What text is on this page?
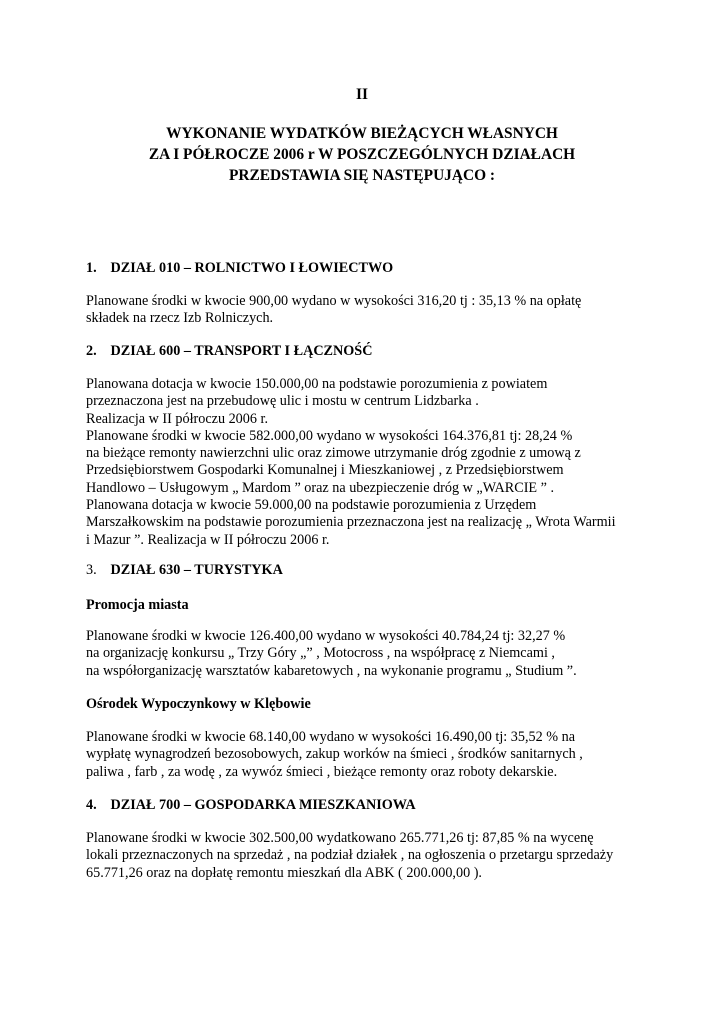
II
WYKONANIE WYDATKÓW BIEŻĄCYCH WŁASNYCH
ZA I PÓŁROCZE 2006 r W POSZCZEGÓLNYCH DZIAŁACH
PRZEDSTAWIA SIĘ NASTĘPUJĄCO :
1. DZIAŁ 010 – ROLNICTWO I ŁOWIECTWO
Planowane środki w kwocie 900,00 wydano w wysokości 316,20 tj : 35,13 % na opłatę
składek na rzecz Izb Rolniczych.
2. DZIAŁ 600 – TRANSPORT I ŁĄCZNOŚĆ
Planowana dotacja w kwocie 150.000,00 na podstawie porozumienia z powiatem
przeznaczona jest na przebudowę ulic i mostu w centrum Lidzbarka .
Realizacja w II półroczu 2006 r.
Planowane środki w kwocie 582.000,00 wydano w wysokości 164.376,81 tj: 28,24 %
na bieżące remonty nawierzchni ulic oraz zimowe utrzymanie dróg zgodnie z umową z
Przedsiębiorstwem Gospodarki Komunalnej i Mieszkaniowej , z Przedsiębiorstwem
Handlowo – Usługowym „ Mardom ” oraz na ubezpieczenie dróg w „WARCIE ” .
Planowana dotacja w kwocie 59.000,00 na podstawie porozumienia z Urzędem
Marszałkowskim na podstawie porozumienia przeznaczona jest na realizację „ Wrota Warmii
i Mazur ”. Realizacja w II półroczu 2006 r.
3. DZIAŁ 630 – TURYSTYKA
Promocja miasta
Planowane środki w kwocie 126.400,00 wydano w wysokości 40.784,24 tj: 32,27 %
na organizację konkursu „ Trzy Góry „” , Motocross , na współpracę z Niemcami ,
na współorganizację warsztatów kabaretowych , na wykonanie programu „ Studium ”.
Ośrodek Wypoczynkowy w Klębowie
Planowane środki w kwocie 68.140,00 wydano w wysokości 16.490,00 tj: 35,52 % na
wypłatę wynagrodzeń bezosobowych, zakup worków na śmieci , środków sanitarnych ,
paliwa , farb , za wodę , za wywóz śmieci , bieżące remonty oraz roboty dekarskie.
4. DZIAŁ 700 – GOSPODARKA MIESZKANIOWA
Planowane środki w kwocie 302.500,00 wydatkowano 265.771,26 tj: 87,85 % na wycenę
lokali przeznaczonych na sprzedaż , na podział działek , na ogłoszenia o przetargu sprzedaży
65.771,26 oraz na dopłatę remontu mieszkań dla ABK ( 200.000,00 ).
